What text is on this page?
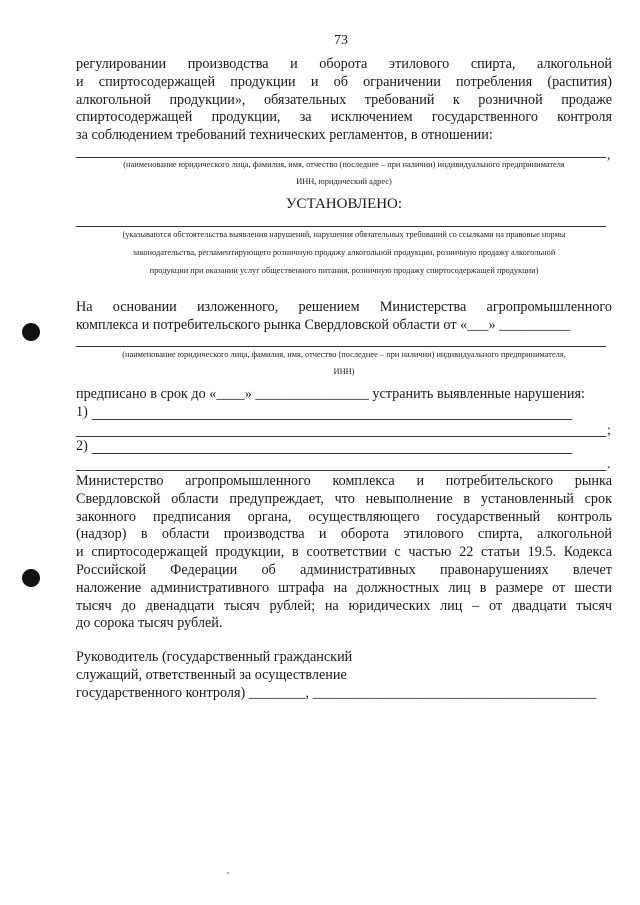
73
регулировании производства и оборота этилового спирта, алкогольной
и спиртосодержащей продукции и об ограничении потребления (распития)
алкогольной продукции», обязательных требований к розничной продаже
спиртосодержащей продукции, за исключением государственного контроля
за соблюдением требований технических регламентов, в отношении:
,
(наименование юридического лица, фамилия, имя, отчество (последнее – при наличии) индивидуального предпринимателя
ИНН, юридический адрес)
УСТАНОВЛЕНО:
(указываются обстоятельства выявления нарушений, нарушения обязательных требований со ссылками на правовые нормы
законодательства, регламентирующего розничную продажу алкогольной продукции, розничную продажу алкогольной
продукции при оказании услуг общественного питания, розничную продажу спиртосодержащей продукции)
На основании изложенного, решением Министерства агропромышленного
комплекса и потребительского рынка Свердловской области от «___» __________
(наименование юридического лица, фамилия, имя, отчество (последнее – при наличии) индивидуального предпринимателя,
ИНН)
предписано в срок до «____» ________________ устранить выявленные нарушения:
1)
;
2)
.
Министерство агропромышленного комплекса и потребительского рынка
Свердловской области предупреждает, что невыполнение в установленный срок
законного предписания органа, осуществляющего государственный контроль
(надзор) в области производства и оборота этилового спирта, алкогольной
и спиртосодержащей продукции, в соответствии с частью 22 статьи 19.5. Кодекса
Российской Федерации об административных правонарушениях влечет
наложение административного штрафа на должностных лиц в размере от шести
тысяч до двенадцати тысяч рублей; на юридических лиц – от двадцати тысяч
до сорока тысяч рублей.
Руководитель (государственный гражданский
служащий, ответственный за осуществление
государственного контроля) ________, ________________________________________
